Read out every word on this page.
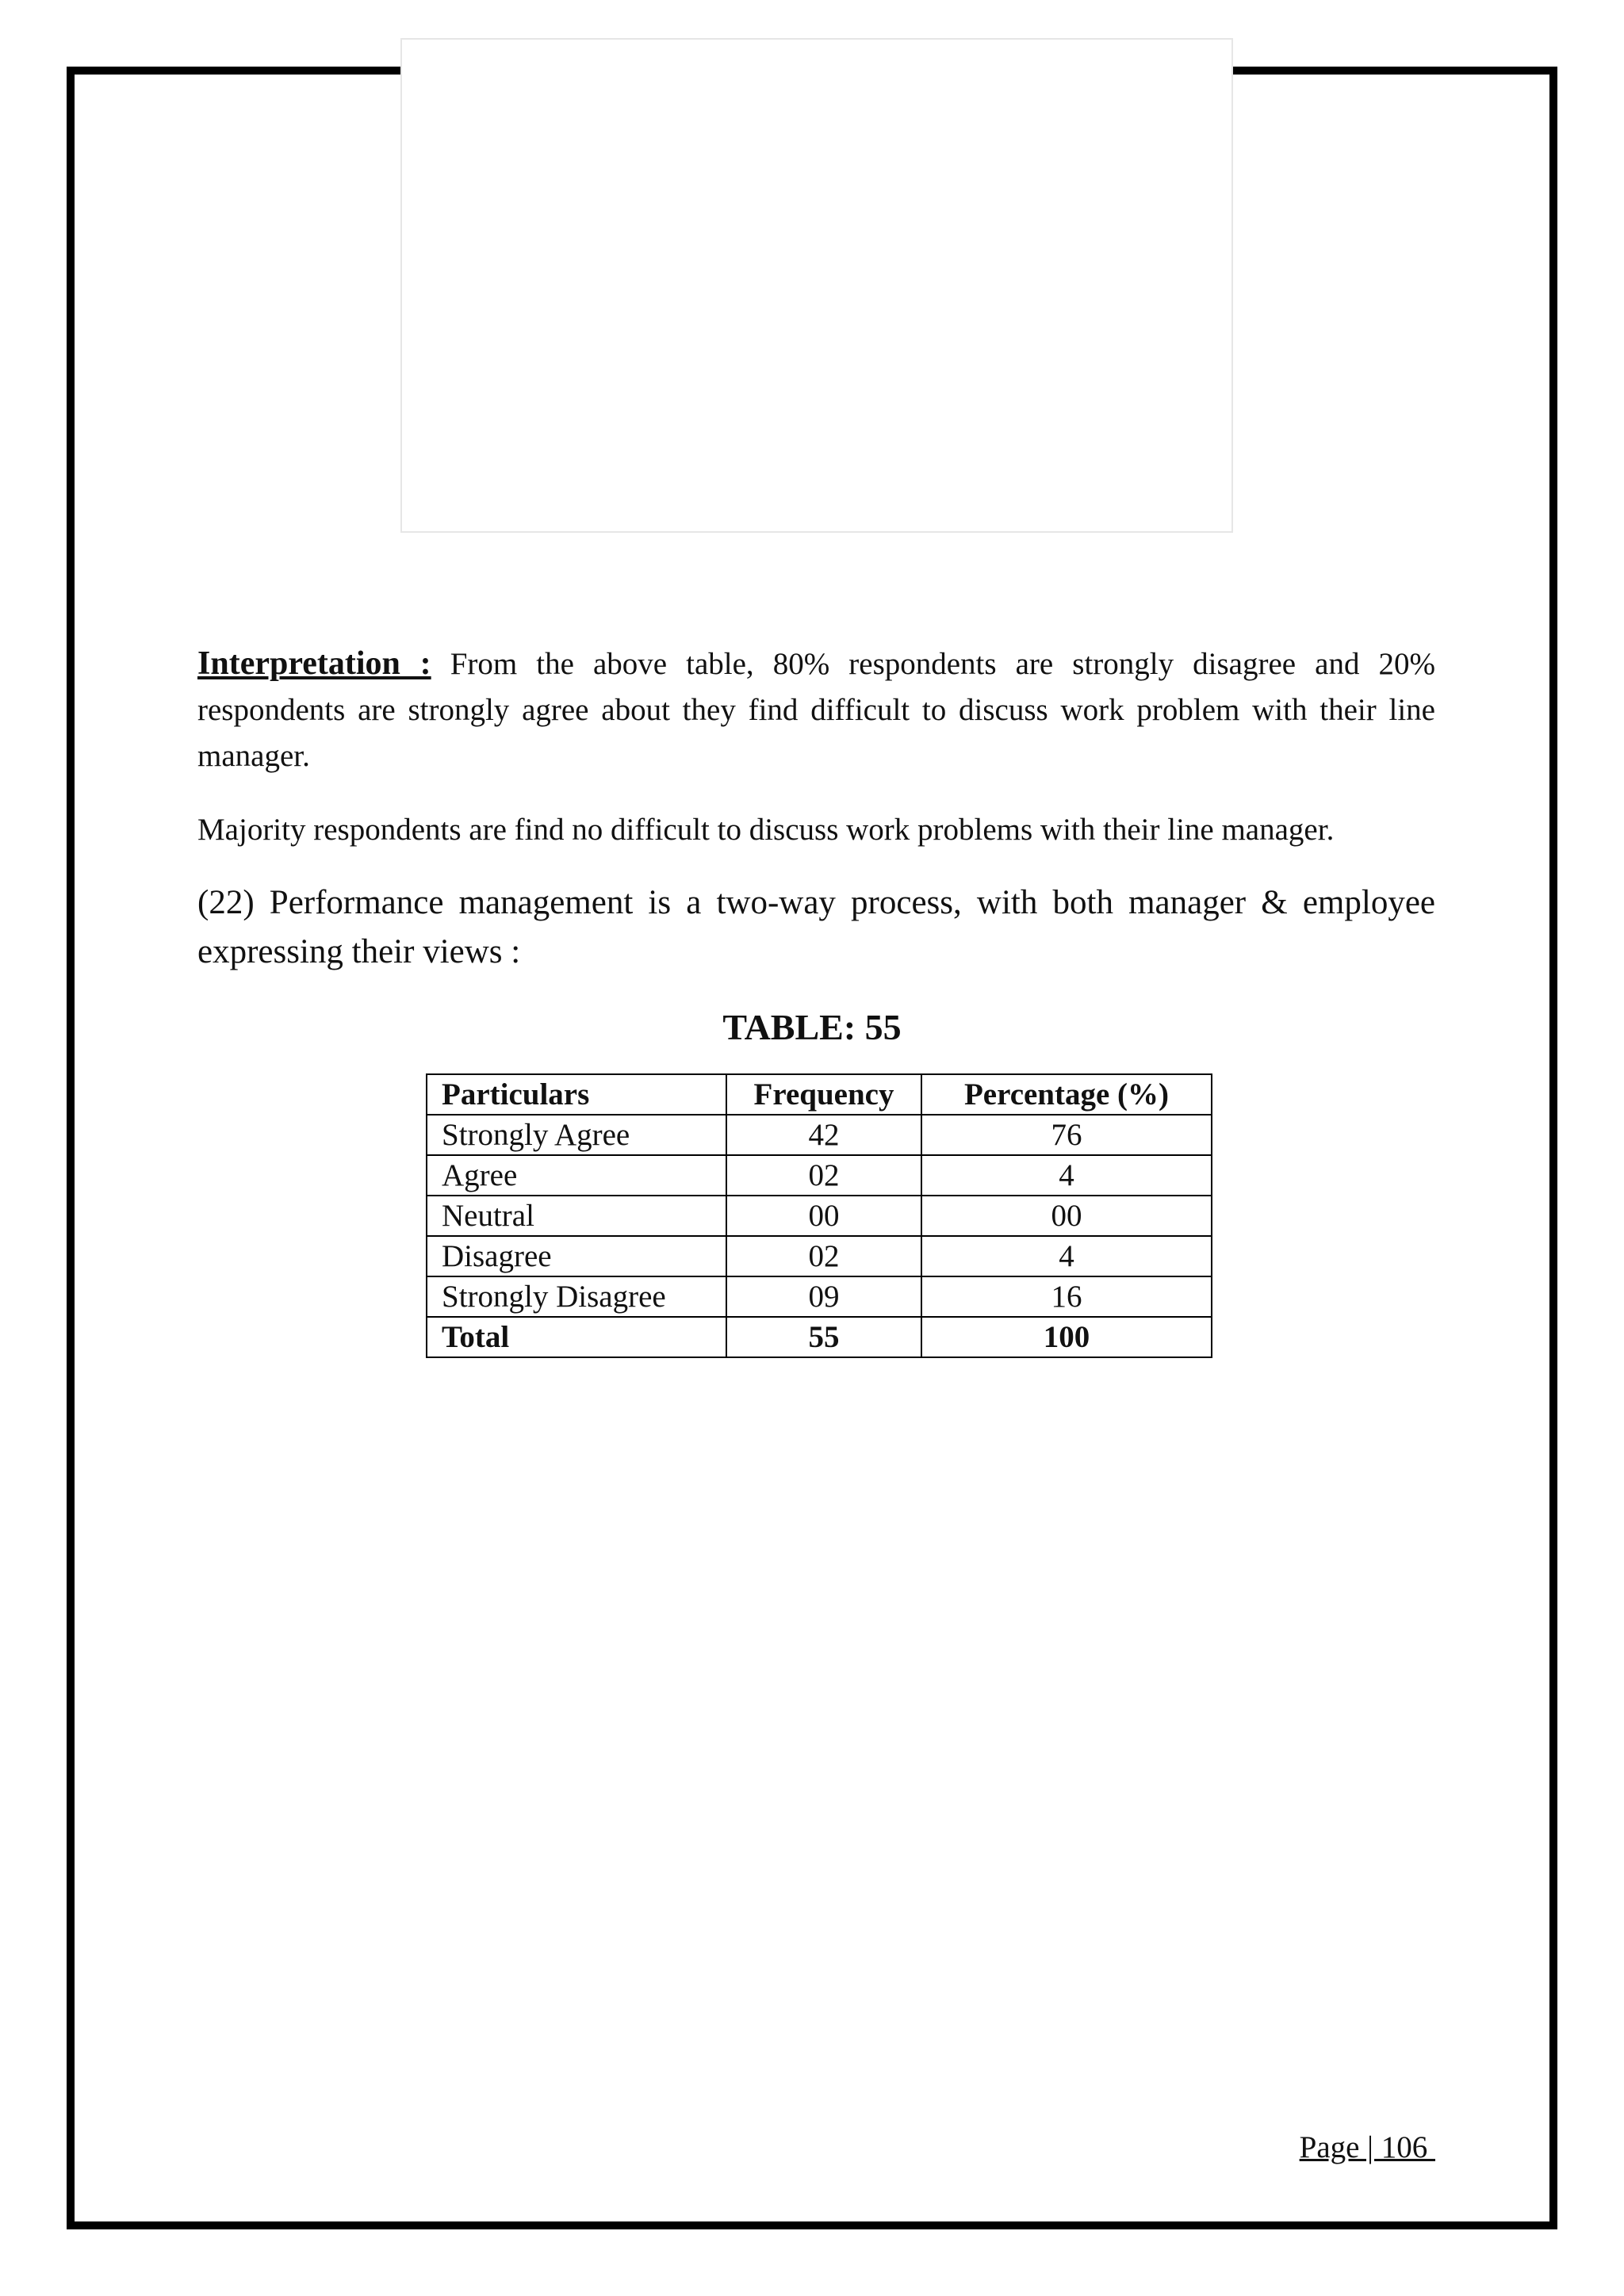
Interpretation : From the above table, 80% respondents are strongly disagree and 20% respondents are strongly agree about they find difficult to discuss work problem with their line manager.
Majority respondents are find no difficult to discuss work problems with their line manager.
(22) Performance management is a two-way process, with both manager & employee expressing their views :
TABLE: 55
Particulars	Frequency	Percentage (%)
Strongly Agree	42	76
Agree	02	4
Neutral	00	00
Disagree	02	4
Strongly Disagree	09	16
Total	55	100
Page | 106
